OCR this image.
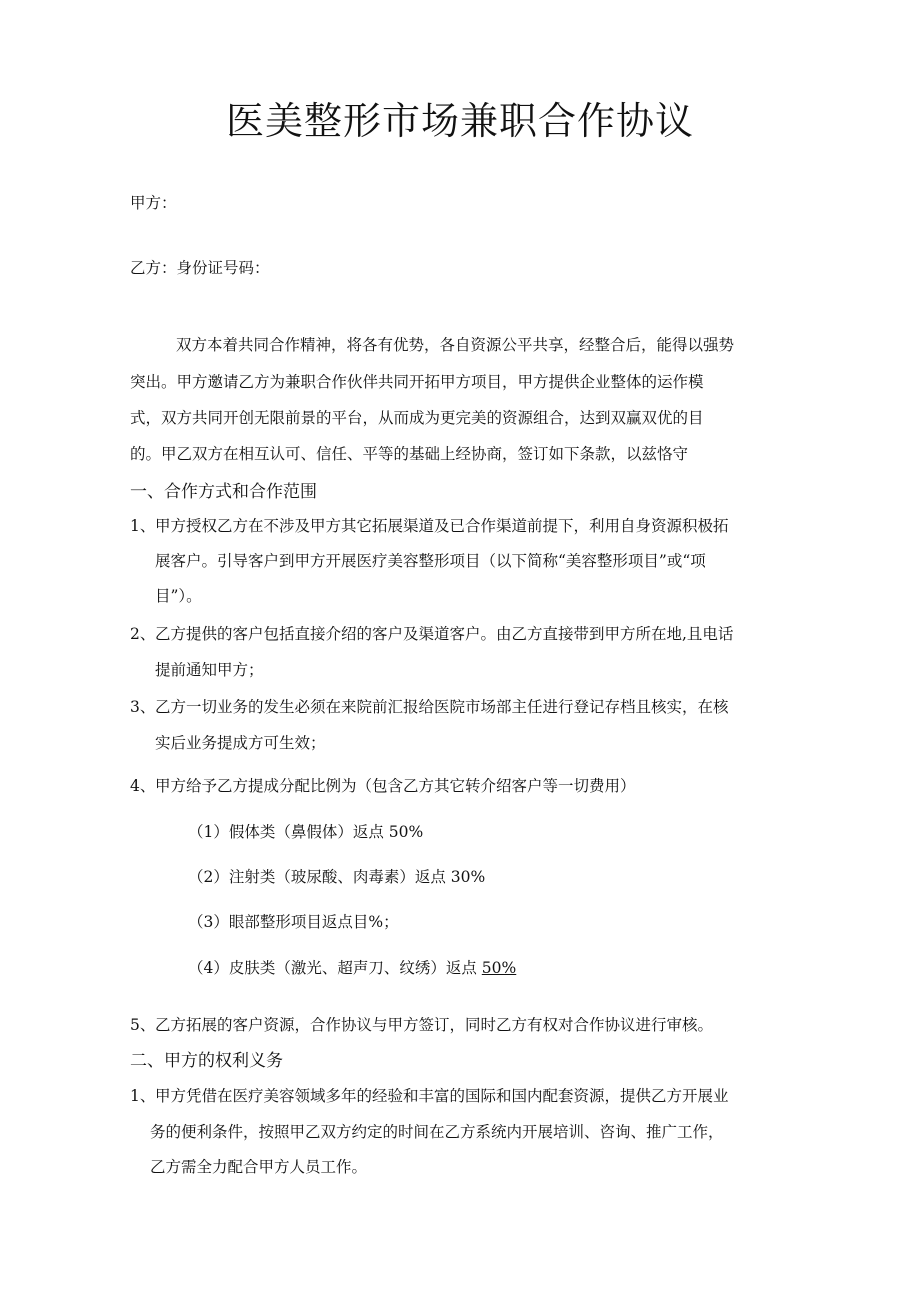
医美整形市场兼职合作协议
甲方：
乙方：身份证号码：
双方本着共同合作精神，将各有优势，各自资源公平共享，经整合后，能得以强势
突出。甲方邀请乙方为兼职合作伙伴共同开拓甲方项目，甲方提供企业整体的运作模
式，双方共同开创无限前景的平台，从而成为更完美的资源组合，达到双赢双优的目
的。甲乙双方在相互认可、信任、平等的基础上经协商，签订如下条款，以兹恪守
一、合作方式和合作范围
1、 甲方授权乙方在不涉及甲方其它拓展渠道及已合作渠道前提下，利用自身资源积极拓
展客户。引导客户到甲方开展医疗美容整形项目（以下简称“美容整形项目”或“项
目”）。
2、 乙方提供的客户包括直接介绍的客户及渠道客户。由乙方直接带到甲方所在地,且电话
提前通知甲方；
3、 乙方一切业务的发生必须在来院前汇报给医院市场部主任进行登记存档且核实，在核
实后业务提成方可生效；
4、 甲方给予乙方提成分配比例为（包含乙方其它转介绍客户等一切费用）
（1）假体类（鼻假体）返点 50%
（2）注射类（玻尿酸、肉毒素）返点 30%
（3）眼部整形项目返点目%；
（4）皮肤类（激光、超声刀、纹绣）返点 50%
5、 乙方拓展的客户资源，合作协议与甲方签订，同时乙方有权对合作协议进行审核。
二、甲方的权利义务
1、 甲方凭借在医疗美容领域多年的经验和丰富的国际和国内配套资源，提供乙方开展业
务的便利条件，按照甲乙双方约定的时间在乙方系统内开展培训、咨询、推广工作，
乙方需全力配合甲方人员工作。
